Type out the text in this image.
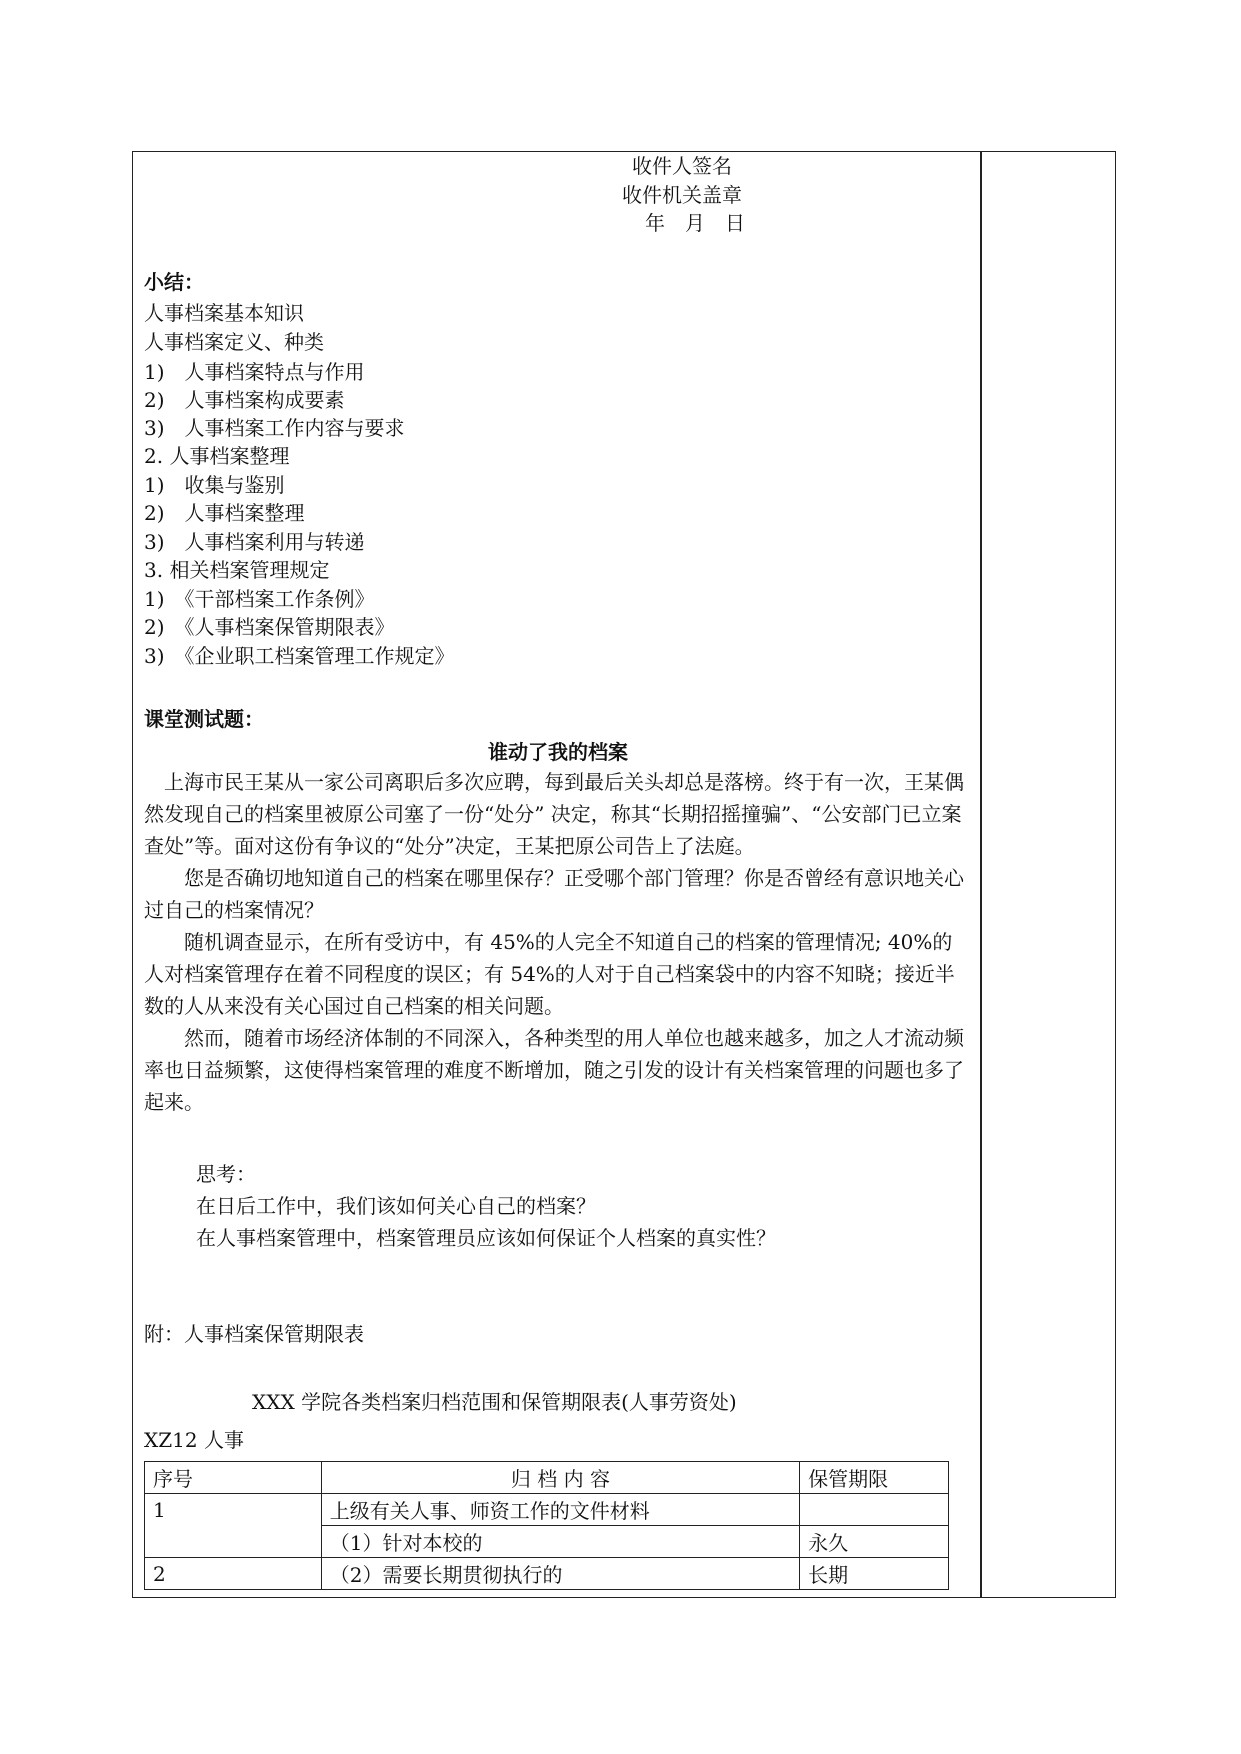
收件人签名
收件机关盖章
年　月　日
小结：
人事档案基本知识
人事档案定义、种类
1)　人事档案特点与作用
2)　人事档案构成要素
3)　人事档案工作内容与要求
2. 人事档案整理
1)　收集与鉴别
2)　人事档案整理
3)　人事档案利用与转递
3. 相关档案管理规定
1)　《干部档案工作条例》
2)　《人事档案保管期限表》
3)　《企业职工档案管理工作规定》
课堂测试题：
谁动了我的档案

　上海市民王某从一家公司离职后多次应聘，每到最后关头却总是落榜。终于有一次，王某偶然发现自己的档案里被原公司塞了一份“处分” 决定，称其“长期招摇撞骗”、“公安部门已立案查处”等。面对这份有争议的“处分”决定，王某把原公司告上了法庭。

　　您是否确切地知道自己的档案在哪里保存？正受哪个部门管理？你是否曾经有意识地关心过自己的档案情况？

　　随机调查显示，在所有受访中，有 45%的人完全不知道自己的档案的管理情况; 40%的人对档案管理存在着不同程度的误区；有 54%的人对于自己档案袋中的内容不知晓；接近半数的人从来没有关心国过自己档案的相关问题。

　　然而，随着市场经济体制的不同深入，各种类型的用人单位也越来越多，加之人才流动频率也日益频繁，这使得档案管理的难度不断增加，随之引发的设计有关档案管理的问题也多了起来。

思考：
在日后工作中，我们该如何关心自己的档案？
在人事档案管理中，档案管理员应该如何保证个人档案的真实性？
附：人事档案保管期限表
XXX 学院各类档案归档范围和保管期限表(人事劳资处)
XZ12 人事
序号	归 档 内 容	保管期限
1	上级有关人事、师资工作的文件材料	
	（1）针对本校的	永久
2	（2）需要长期贯彻执行的	长期
